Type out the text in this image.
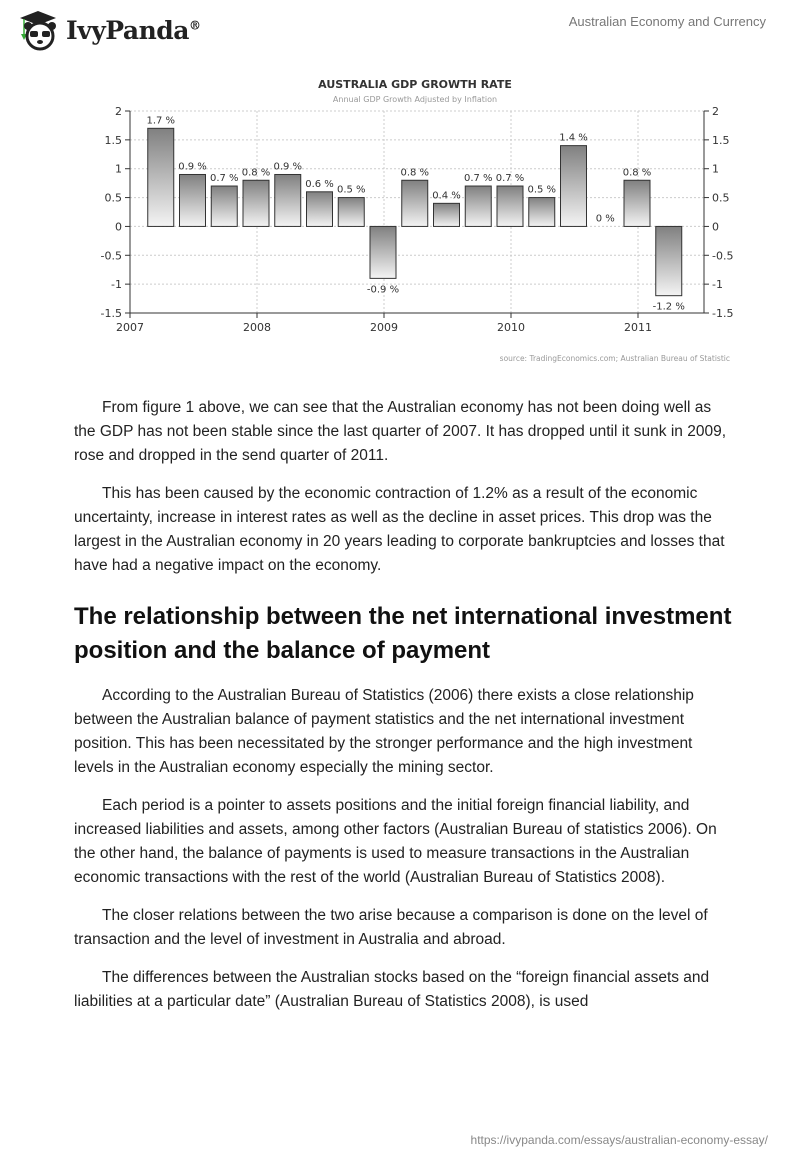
IvyPanda®	Australian Economy and Currency
AUSTRALIA GDP GROWTH RATE
Annual GDP Growth Adjusted by Inflation
1.7 %
0.9 %
0.7 %
0.8 %
0.9 %
0.6 %
0.5 %
-0.9 %
0.8 %
0.4 %
0.7 % 0.7 %
0.5 %
1.4 %
0 %
0.8 %
-1.2 %
2	2
1.5	1.5
1	1
0.5	0.5
0	0
-0.5	-0.5
-1	-1
-1.5	-1.5
2007	2008	2009	2010	2011
source: TradingEconomics.com; Australian Bureau of Statistic

From figure 1 above, we can see that the Australian economy has not been doing well as the GDP has not been stable since the last quarter of 2007. It has dropped until it sunk in 2009, rose and dropped in the send quarter of 2011.

This has been caused by the economic contraction of 1.2% as a result of the economic uncertainty, increase in interest rates as well as the decline in asset prices. This drop was the largest in the Australian economy in 20 years leading to corporate bankruptcies and losses that have had a negative impact on the economy.

The relationship between the net international investment position and the balance of payment

According to the Australian Bureau of Statistics (2006) there exists a close relationship between the Australian balance of payment statistics and the net international investment position. This has been necessitated by the stronger performance and the high investment levels in the Australian economy especially the mining sector.

Each period is a pointer to assets positions and the initial foreign financial liability, and increased liabilities and assets, among other factors (Australian Bureau of statistics 2006). On the other hand, the balance of payments is used to measure transactions in the Australian economic transactions with the rest of the world (Australian Bureau of Statistics 2008).

The closer relations between the two arise because a comparison is done on the level of transaction and the level of investment in Australia and abroad.

The differences between the Australian stocks based on the “foreign financial assets and liabilities at a particular date” (Australian Bureau of Statistics 2008), is used

https://ivypanda.com/essays/australian-economy-essay/
